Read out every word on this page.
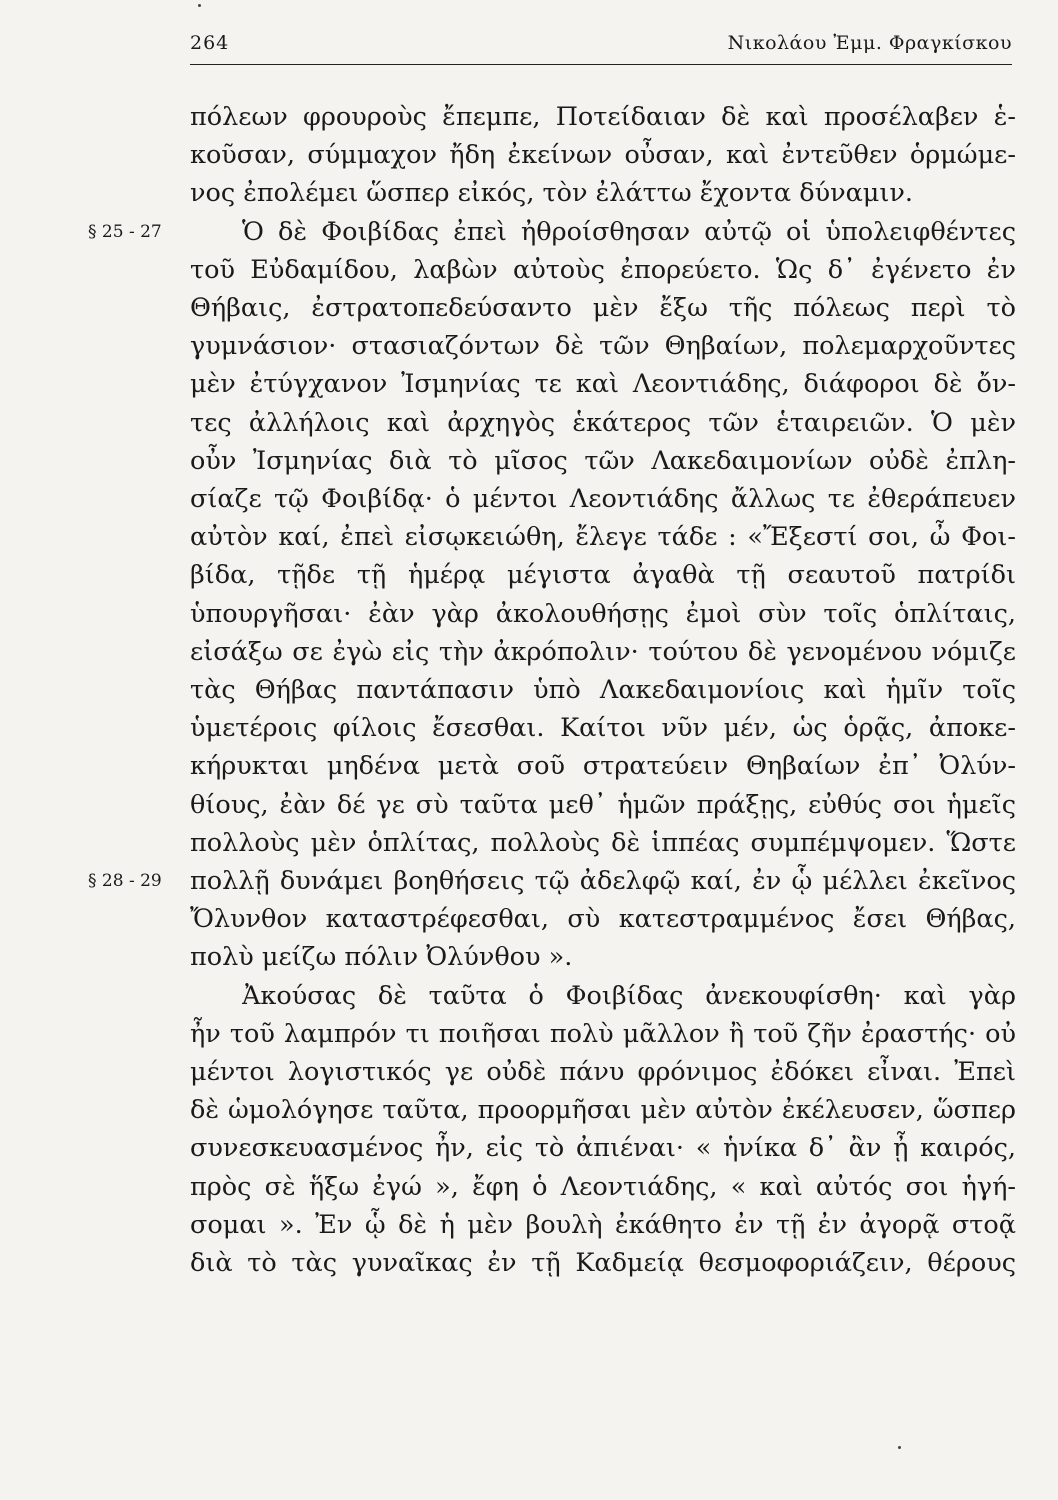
264	Νικολάου Ἐμμ. Φραγκίσκου
πόλεων φρουροὺς ἔπεμπε, Ποτείδαιαν δὲ καὶ προσέλαβεν ἑ-
κοῦσαν, σύμμαχον ἤδη ἐκείνων οὖσαν, καὶ ἐντεῦθεν ὁρμώμε-
νος ἐπολέμει ὥσπερ εἰκός, τὸν ἐλάττω ἔχοντα δύναμιν.
Ὁ δὲ Φοιβίδας ἐπεὶ ἠθροίσθησαν αὐτῷ οἱ ὑπολειφθέντες
τοῦ Εὐδαμίδου, λαβὼν αὐτοὺς ἐπορεύετο. Ὡς δ᾽ ἐγένετο ἐν
Θήβαις, ἐστρατοπεδεύσαντο μὲν ἔξω τῆς πόλεως περὶ τὸ
γυμνάσιον· στασιαζόντων δὲ τῶν Θηβαίων, πολεμαρχοῦντες
μὲν ἐτύγχανον Ἰσμηνίας τε καὶ Λεοντιάδης, διάφοροι δὲ ὄν-
τες ἀλλήλοις καὶ ἀρχηγὸς ἑκάτερος τῶν ἑταιρειῶν. Ὁ μὲν
οὖν Ἰσμηνίας διὰ τὸ μῖσος τῶν Λακεδαιμονίων οὐδὲ ἐπλη-
σίαζε τῷ Φοιβίδᾳ· ὁ μέντοι Λεοντιάδης ἄλλως τε ἐθεράπευεν
αὐτὸν καί, ἐπεὶ εἰσῳκειώθη, ἔλεγε τάδε : «Ἔξεστί σοι, ὦ Φοι-
βίδα, τῇδε τῇ ἡμέρᾳ μέγιστα ἀγαθὰ τῇ σεαυτοῦ πατρίδι
ὑπουργῆσαι· ἐὰν γὰρ ἀκολουθήσῃς ἐμοὶ σὺν τοῖς ὁπλίταις,
εἰσάξω σε ἐγὼ εἰς τὴν ἀκρόπολιν· τούτου δὲ γενομένου νόμιζε
τὰς Θήβας παντάπασιν ὑπὸ Λακεδαιμονίοις καὶ ἡμῖν τοῖς
ὑμετέροις φίλοις ἔσεσθαι. Καίτοι νῦν μέν, ὡς ὁρᾷς, ἀποκε-
κήρυκται μηδένα μετὰ σοῦ στρατεύειν Θηβαίων ἐπ᾽ Ὀλύν-
θίους, ἐὰν δέ γε σὺ ταῦτα μεθ᾽ ἡμῶν πράξῃς, εὐθύς σοι ἡμεῖς
πολλοὺς μὲν ὁπλίτας, πολλοὺς δὲ ἱππέας συμπέμψομεν. Ὥστε
πολλῇ δυνάμει βοηθήσεις τῷ ἀδελφῷ καί, ἐν ᾧ μέλλει ἐκεῖνος
Ὄλυνθον καταστρέφεσθαι, σὺ κατεστραμμένος ἔσει Θήβας,
πολὺ μείζω πόλιν Ὀλύνθου ».
Ἀκούσας δὲ ταῦτα ὁ Φοιβίδας ἀνεκουφίσθη· καὶ γὰρ
ἦν τοῦ λαμπρόν τι ποιῆσαι πολὺ μᾶλλον ἢ τοῦ ζῆν ἐραστής· οὐ
μέντοι λογιστικός γε οὐδὲ πάνυ φρόνιμος ἐδόκει εἶναι. Ἐπεὶ
δὲ ὡμολόγησε ταῦτα, προορμῆσαι μὲν αὐτὸν ἐκέλευσεν, ὥσπερ
συνεσκευασμένος ἦν, εἰς τὸ ἀπιέναι· « ἡνίκα δ᾽ ἂν ᾖ καιρός,
πρὸς σὲ ἥξω ἐγώ », ἔφη ὁ Λεοντιάδης, « καὶ αὐτός σοι ἡγή-
σομαι ». Ἐν ᾧ δὲ ἡ μὲν βουλὴ ἐκάθητο ἐν τῇ ἐν ἀγορᾷ στοᾷ
διὰ τὸ τὰς γυναῖκας ἐν τῇ Καδμείᾳ θεσμοφοριάζειν, θέρους
§ 25 - 27
§ 28 - 29
